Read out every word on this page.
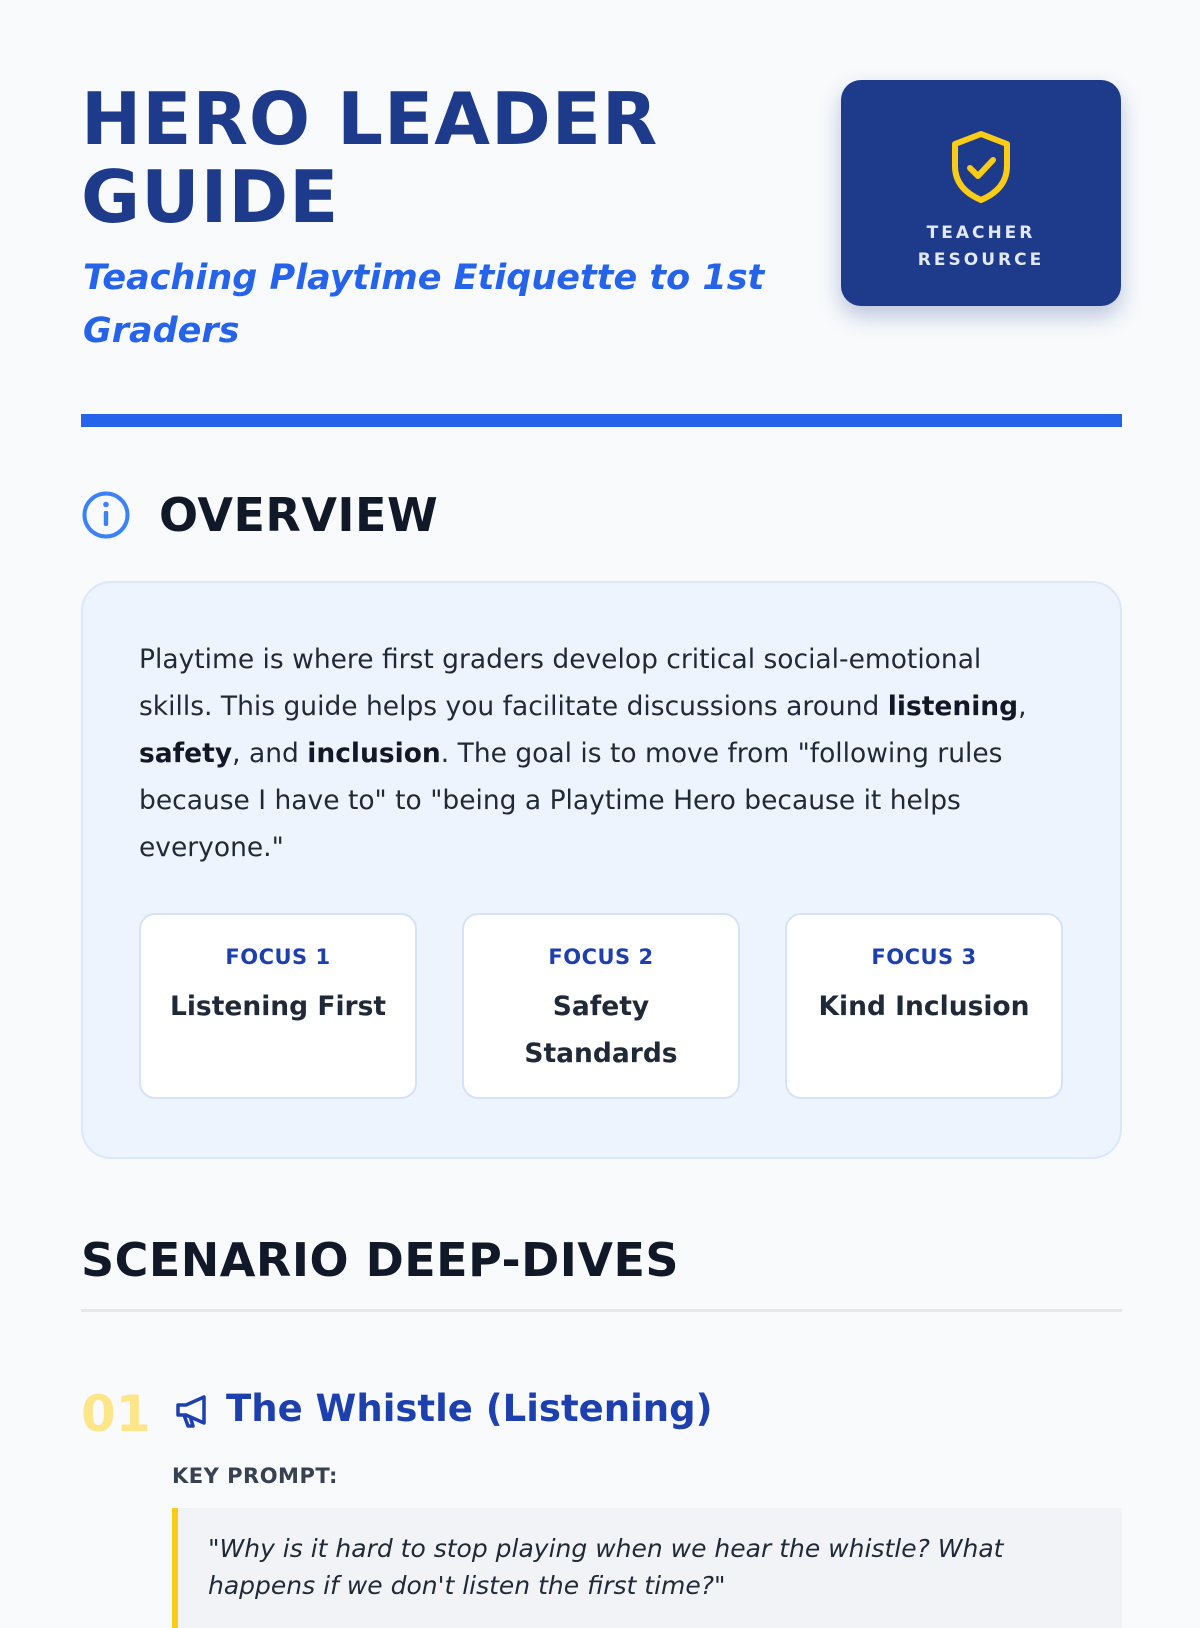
HERO LEADER GUIDE

Teaching Playtime Etiquette to 1st Graders

TEACHER RESOURCE
OVERVIEW

Playtime is where first graders develop critical social-emotional skills. This guide helps you facilitate discussions around listening, safety, and inclusion. The goal is to move from "following rules because I have to" to "being a Playtime Hero because it helps everyone."

FOCUS 1
Listening First
FOCUS 2
Safety Standards
FOCUS 3
Kind Inclusion
SCENARIO DEEP-DIVES
01 The Whistle (Listening)
KEY PROMPT:

"Why is it hard to stop playing when we hear the whistle? What happens if we don't listen the first time?"
